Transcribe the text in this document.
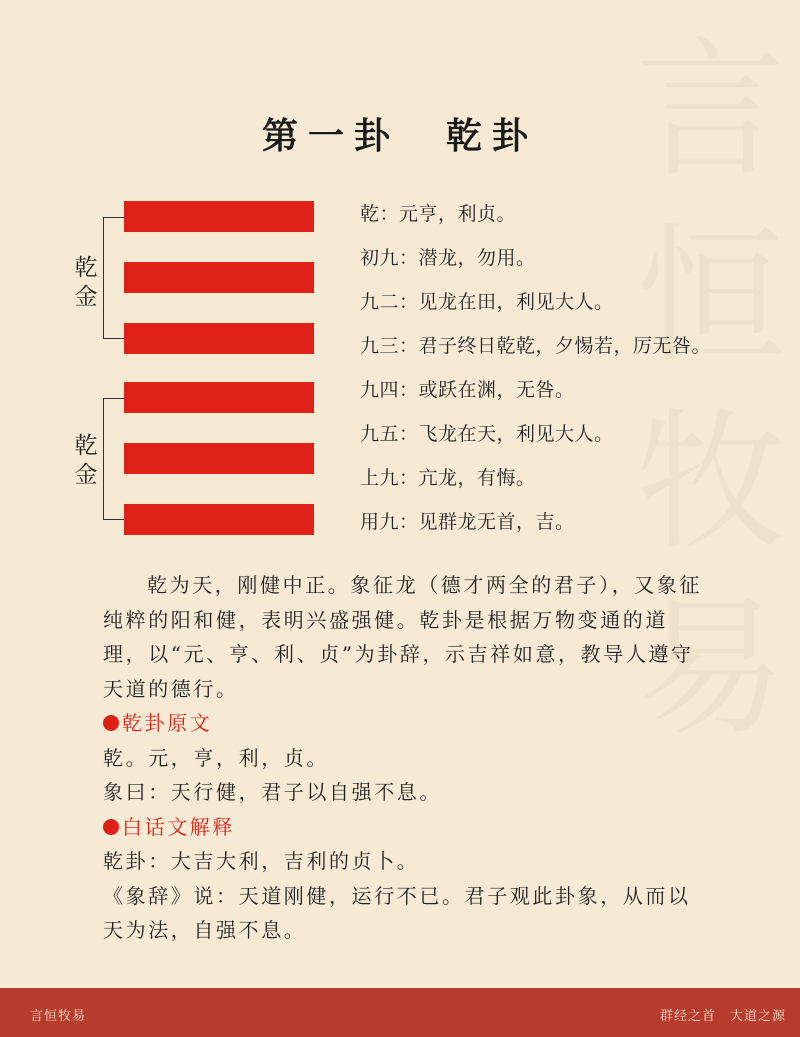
言
恒
牧
易
第一卦　乾卦
乾
金
乾
金
乾：元亨，利贞。
初九：潜龙，勿用。
九二：见龙在田，利见大人。
九三：君子终日乾乾，夕惕若，厉无咎。
九四：或跃在渊，无咎。
九五：飞龙在天，利见大人。
上九：亢龙，有悔。
用九：见群龙无首，吉。

乾为天，刚健中正。象征龙（德才两全的君子），又象征纯粹的阳和健，表明兴盛强健。乾卦是根据万物变通的道理，以“元、亨、利、贞”为卦辞，示吉祥如意，教导人遵守天道的德行。

乾卦原文

乾。元，亨，利，贞。

象曰：天行健，君子以自强不息。

白话文解释

乾卦：大吉大利，吉利的贞卜。

《象辞》说：天道刚健，运行不已。君子观此卦象，从而以天为法，自强不息。

言恒牧易	群经之首　大道之源
